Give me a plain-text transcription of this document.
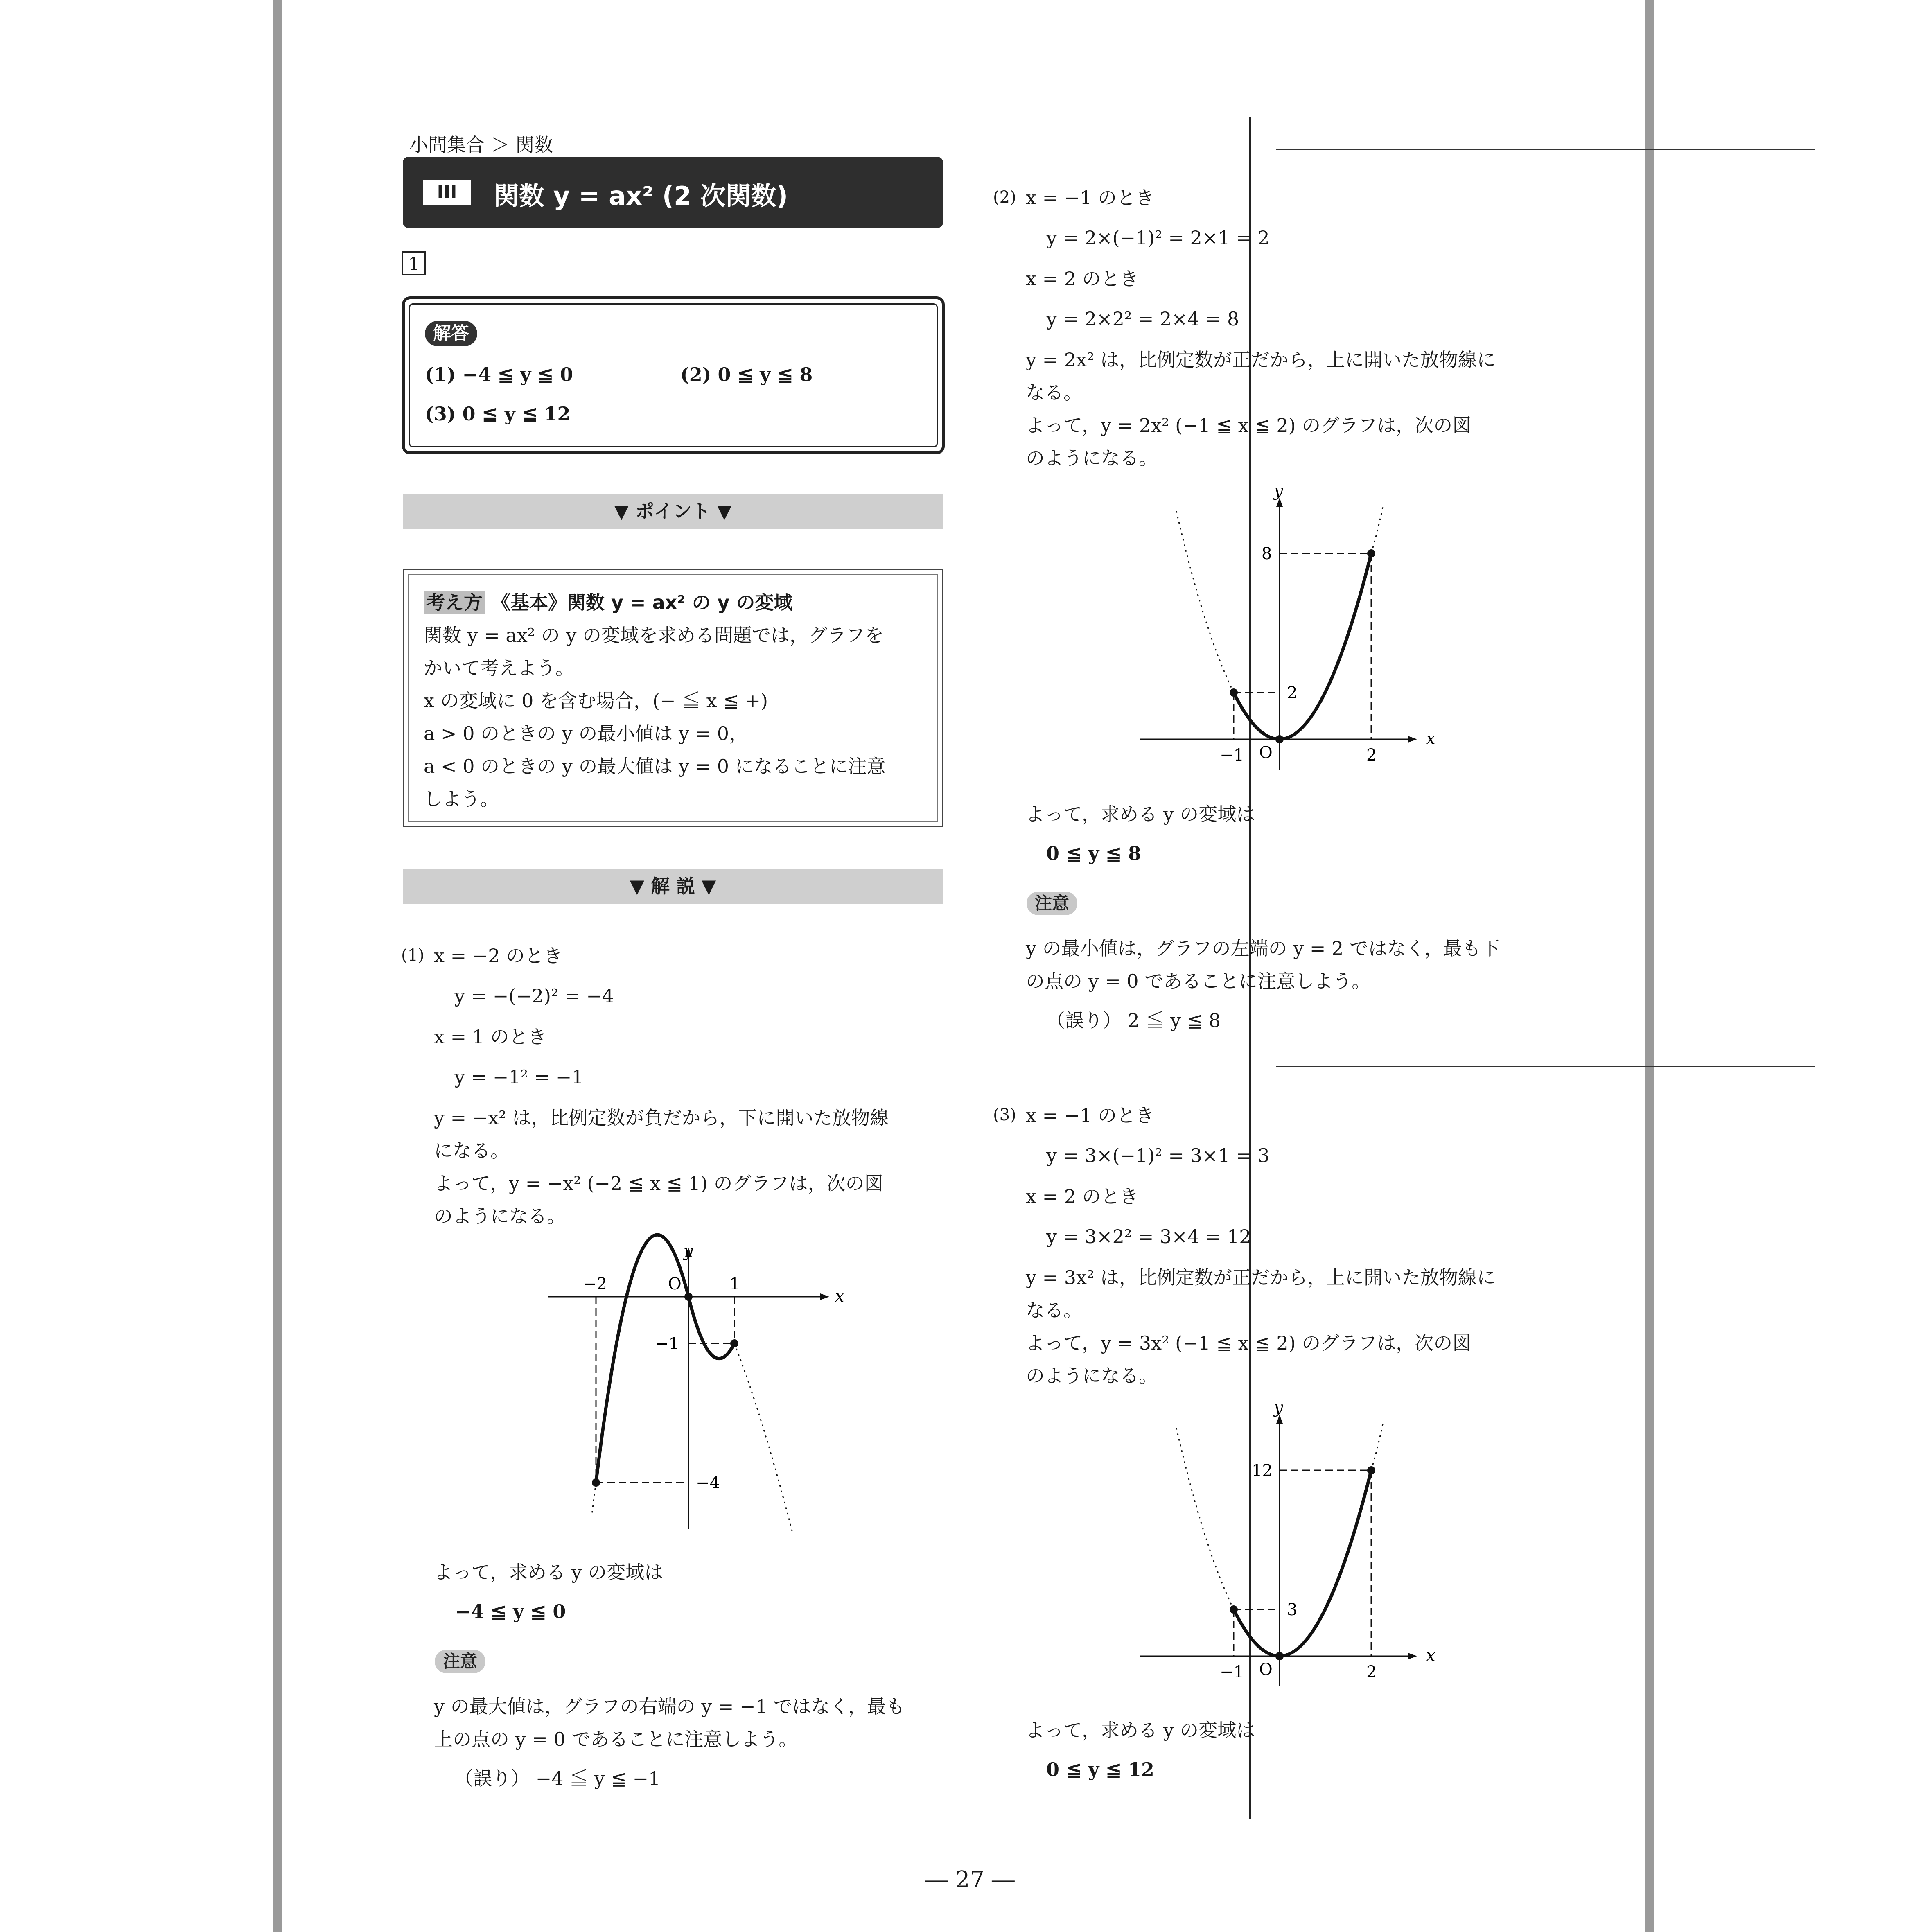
小問集合 ＞ 関数
III	関数 y = ax² (2 次関数)
1
解答
(1) −4 ≦ y ≦ 0	(2) 0 ≦ y ≦ 8
(3) 0 ≦ y ≦ 12
▼ ポイント ▼
考え方 《基本》関数 y = ax² の y の変域
関数 y = ax² の y の変域を求める問題では，グラフを
かいて考えよう。
x の変域に 0 を含む場合，(− ≦ x ≦ +)
a > 0 のときの y の最小値は y = 0，
a < 0 のときの y の最大値は y = 0 になることに注意
しよう。
▼ 解 説 ▼
(1) x = −2 のとき
y = −(−2)² = −4
x = 1 のとき
y = −1² = −1
y = −x² は，比例定数が負だから，下に開いた放物線
になる。
よって，y = −x² (−2 ≦ x ≦ 1) のグラフは，次の図
のようになる。
y
x
O
−2	1
−1
−4
よって，求める y の変域は
−4 ≦ y ≦ 0
注意
y の最大値は，グラフの右端の y = −1 ではなく，最も
上の点の y = 0 であることに注意しよう。
（誤り） −4 ≦ y ≦ −1
(2) x = −1 のとき
y = 2×(−1)² = 2×1 = 2
x = 2 のとき
y = 2×2² = 2×4 = 8
y = 2x² は，比例定数が正だから，上に開いた放物線に
なる。
よって，y = 2x² (−1 ≦ x ≦ 2) のグラフは，次の図
のようになる。
y
x
O
−1	2
2
8
よって，求める y の変域は
0 ≦ y ≦ 8
注意
y の最小値は，グラフの左端の y = 2 ではなく，最も下
の点の y = 0 であることに注意しよう。
（誤り） 2 ≦ y ≦ 8
(3) x = −1 のとき
y = 3×(−1)² = 3×1 = 3
x = 2 のとき
y = 3×2² = 3×4 = 12
y = 3x² は，比例定数が正だから，上に開いた放物線に
なる。
よって，y = 3x² (−1 ≦ x ≦ 2) のグラフは，次の図
のようになる。
y
x
O
−1	2
3
12
よって，求める y の変域は
0 ≦ y ≦ 12
― 27 ―
